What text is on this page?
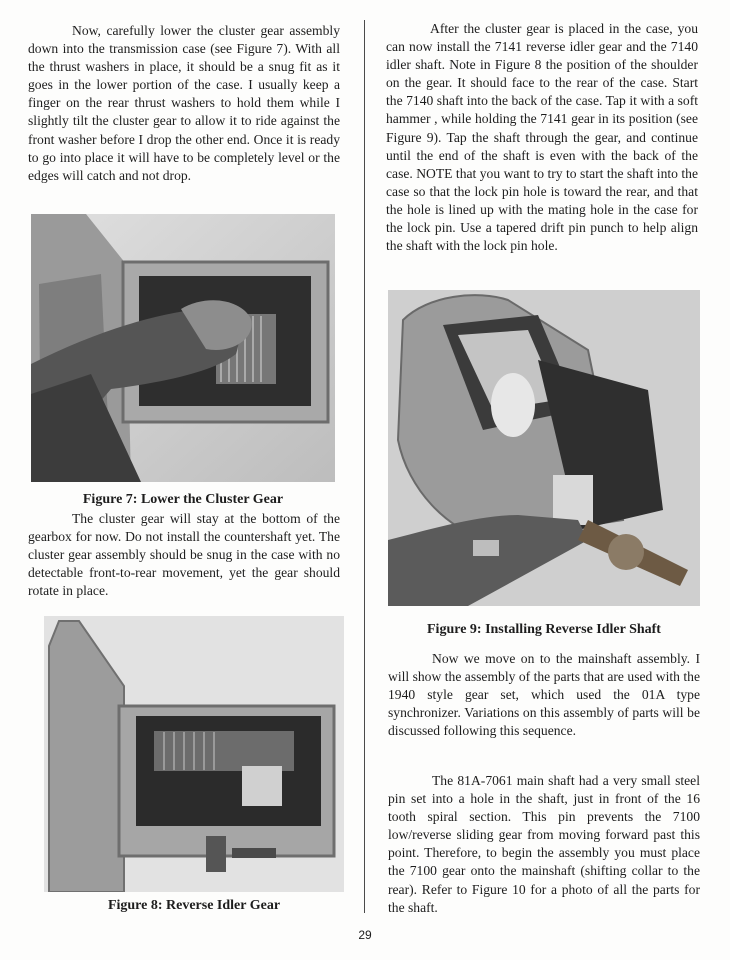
Now, carefully lower the cluster gear assembly down into the transmission case (see Figure 7). With all the thrust washers in place, it should be a snug fit as it goes in the lower portion of the case. I usually keep a finger on the rear thrust washers to hold them while I slightly tilt the cluster gear to allow it to ride against the front washer before I drop the other end. Once it is ready to go into place it will have to be completely level or the edges will catch and not drop.

Figure 7: Lower the Cluster Gear

The cluster gear will stay at the bottom of the gearbox for now. Do not install the countershaft yet. The cluster gear assembly should be snug in the case with no detectable front-to-rear movement, yet the gear should rotate in place.

Figure 8: Reverse Idler Gear

After the cluster gear is placed in the case, you can now install the 7141 reverse idler gear and the 7140 idler shaft. Note in Figure 8 the position of the shoulder on the gear. It should face to the rear of the case. Start the 7140 shaft into the back of the case. Tap it with a soft hammer , while holding the 7141 gear in its position (see Figure 9). Tap the shaft through the gear, and continue until the end of the shaft is even with the back of the case. NOTE that you want to try to start the shaft into the case so that the lock pin hole is toward the rear, and that the hole is lined up with the mating hole in the case for the lock pin. Use a tapered drift pin punch to help align the shaft with the lock pin hole.

Figure 9: Installing Reverse Idler Shaft

Now we move on to the mainshaft assembly. I will show the assembly of the parts that are used with the 1940 style gear set, which used the 01A type synchronizer. Variations on this assembly of parts will be discussed following this sequence.

The 81A-7061 main shaft had a very small steel pin set into a hole in the shaft, just in front of the 16 tooth spiral section. This pin prevents the 7100 low/reverse sliding gear from moving forward past this point. Therefore, to begin the assembly you must place the 7100 gear onto the mainshaft (shifting collar to the rear). Refer to Figure 10 for a photo of all the parts for the shaft.

29
